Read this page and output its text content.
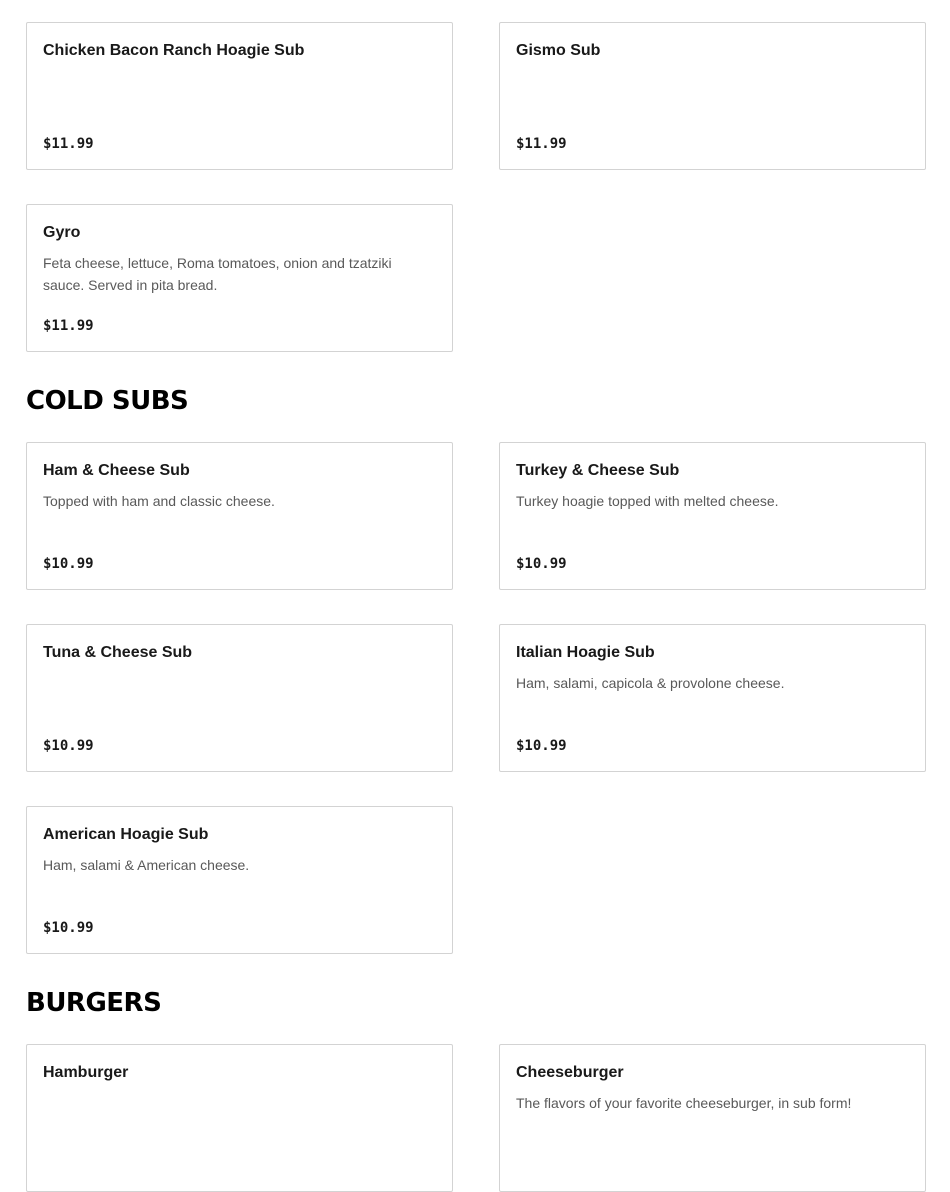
Chicken Bacon Ranch Hoagie Sub
$11.99
Gismo Sub
$11.99
Gyro
Feta cheese, lettuce, Roma tomatoes, onion and tzatziki sauce. Served in pita bread.
$11.99
COLD SUBS
Ham & Cheese Sub
Topped with ham and classic cheese.
$10.99
Turkey & Cheese Sub
Turkey hoagie topped with melted cheese.
$10.99
Tuna & Cheese Sub
$10.99
Italian Hoagie Sub
Ham, salami, capicola & provolone cheese.
$10.99
American Hoagie Sub
Ham, salami & American cheese.
$10.99
BURGERS
Hamburger	Cheeseburger
The flavors of your favorite cheeseburger, in sub form!
